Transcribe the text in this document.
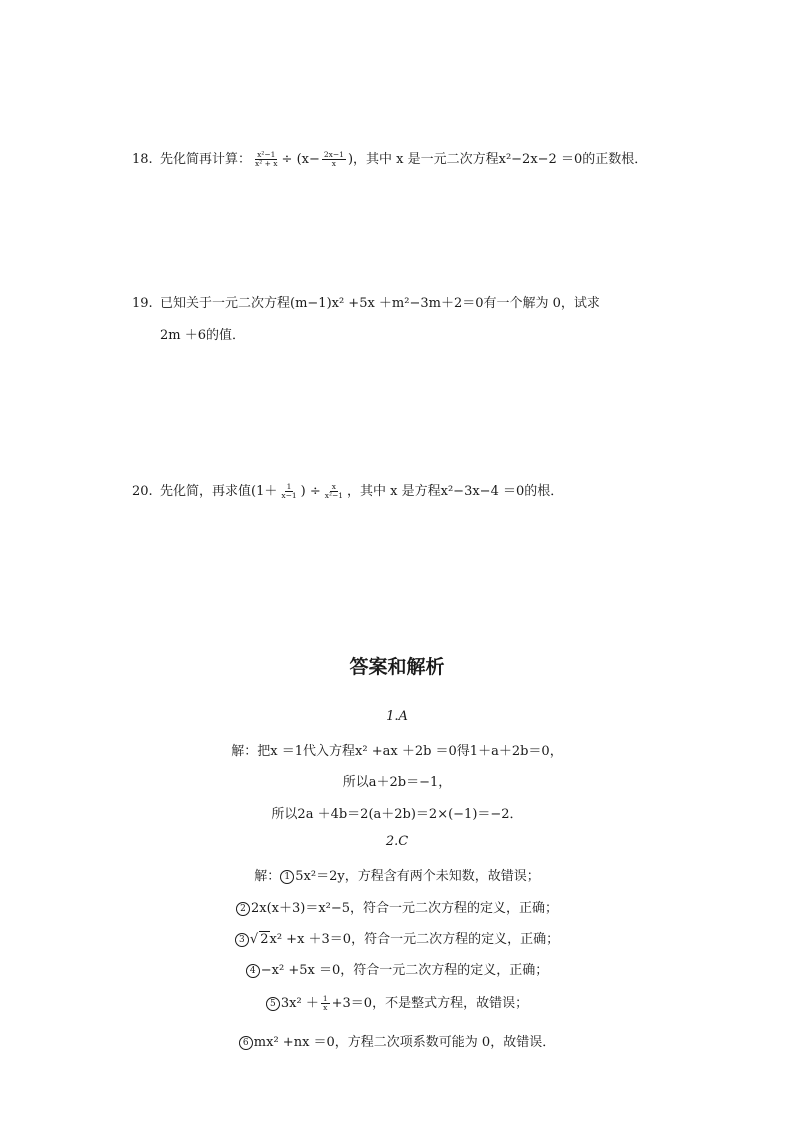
18. 先化简再计算： $\frac{\text{x²−1}}{\text{x² + x}} \div (x- \frac{2x-1}{x}$ )，其中 x 是一元二次方程x²−2x−2 ＝0的正数根．
19. 已知关于一元二次方程(m−1)x² +5x ＋m²−3m＋2＝0有一个解为 0，试求
2m ＋6的值．
20. 先化简，再求值($1+ \frac{1}{x-1}$ ) ÷ $\frac{x}{\text{x²−1}}$ ，其中 x 是方程x²−3x−4 ＝0的根．
答案和解析
1.A
解：把x ＝1代入方程x² +ax ＋2b ＝0得1＋a＋2b＝0，
所以a＋2b＝−1，
所以2a ＋4b＝2(a＋2b)＝2×(−1)＝−2．
2.C
解： 1 5x²＝2y，方程含有两个未知数，故错误；
2 2x(x＋3)＝x²−5，符合一元二次方程的定义，正确；
3 √ 2x² +x ＋3＝0，符合一元二次方程的定义，正确；
4 −x² +5x ＝0，符合一元二次方程的定义，正确；
5 $3x^2 + \frac{1}{x} +3=0$，不是整式方程，故错误；
6 mx² +nx ＝0，方程二次项系数可能为 0，故错误．
